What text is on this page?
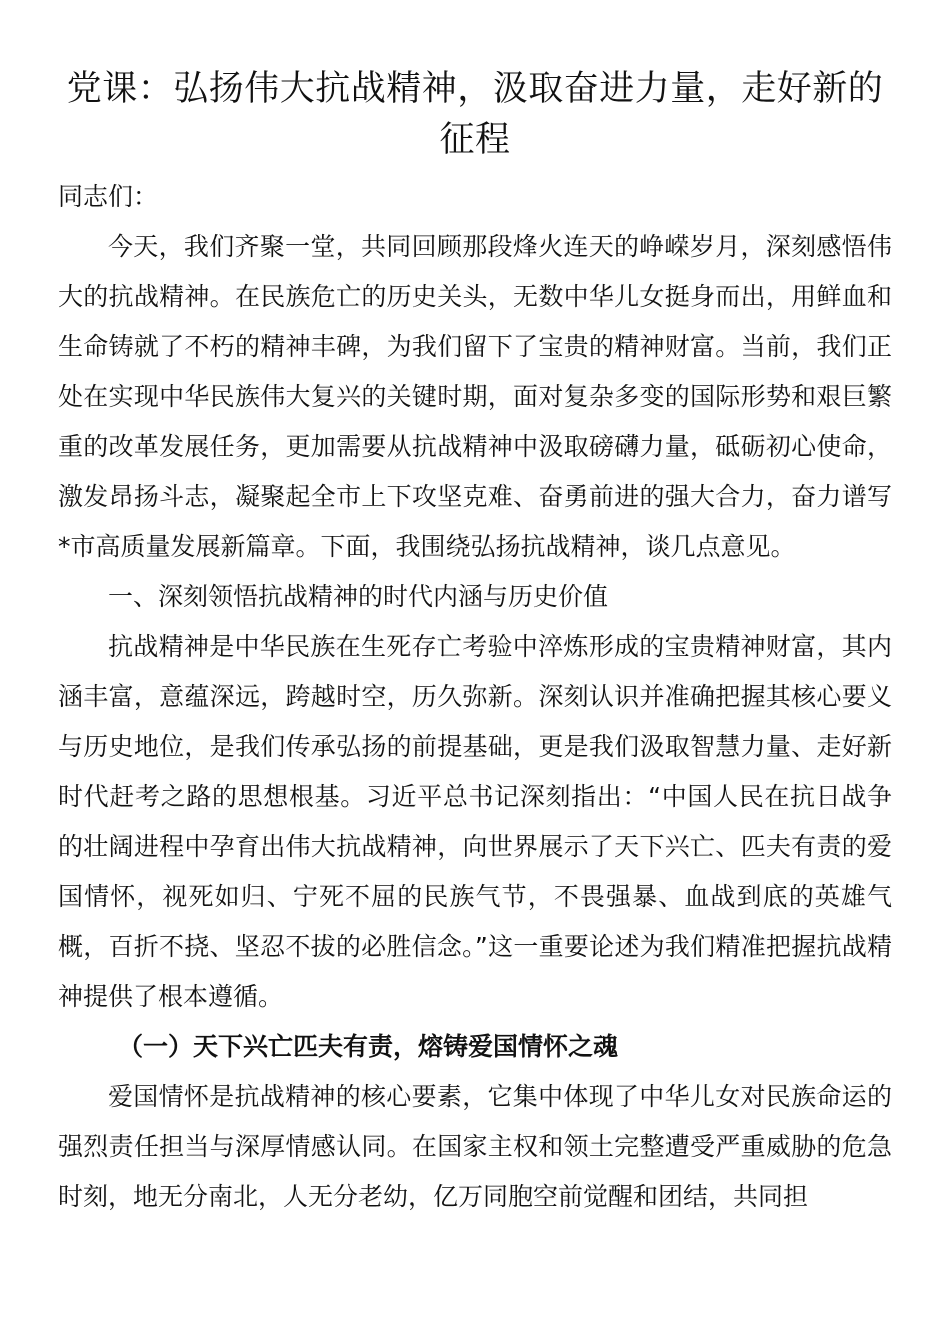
党课：弘扬伟大抗战精神，汲取奋进力量，走好新的征程

同志们：

今天，我们齐聚一堂，共同回顾那段烽火连天的峥嵘岁月，深刻感悟伟大的抗战精神。在民族危亡的历史关头，无数中华儿女挺身而出，用鲜血和生命铸就了不朽的精神丰碑，为我们留下了宝贵的精神财富。当前，我们正处在实现中华民族伟大复兴的关键时期，面对复杂多变的国际形势和艰巨繁重的改革发展任务，更加需要从抗战精神中汲取磅礴力量，砥砺初心使命，激发昂扬斗志，凝聚起全市上下攻坚克难、奋勇前进的强大合力，奋力谱写*市高质量发展新篇章。下面，我围绕弘扬抗战精神，谈几点意见。

一、深刻领悟抗战精神的时代内涵与历史价值

抗战精神是中华民族在生死存亡考验中淬炼形成的宝贵精神财富，其内涵丰富，意蕴深远，跨越时空，历久弥新。深刻认识并准确把握其核心要义与历史地位，是我们传承弘扬的前提基础，更是我们汲取智慧力量、走好新时代赶考之路的思想根基。习近平总书记深刻指出：“中国人民在抗日战争的壮阔进程中孕育出伟大抗战精神，向世界展示了天下兴亡、匹夫有责的爱国情怀，视死如归、宁死不屈的民族气节，不畏强暴、血战到底的英雄气概，百折不挠、坚忍不拔的必胜信念。”这一重要论述为我们精准把握抗战精神提供了根本遵循。

（一）天下兴亡匹夫有责，熔铸爱国情怀之魂

爱国情怀是抗战精神的核心要素，它集中体现了中华儿女对民族命运的强烈责任担当与深厚情感认同。在国家主权和领土完整遭受严重威胁的危急时刻，地无分南北，人无分老幼，亿万同胞空前觉醒和团结，共同担
